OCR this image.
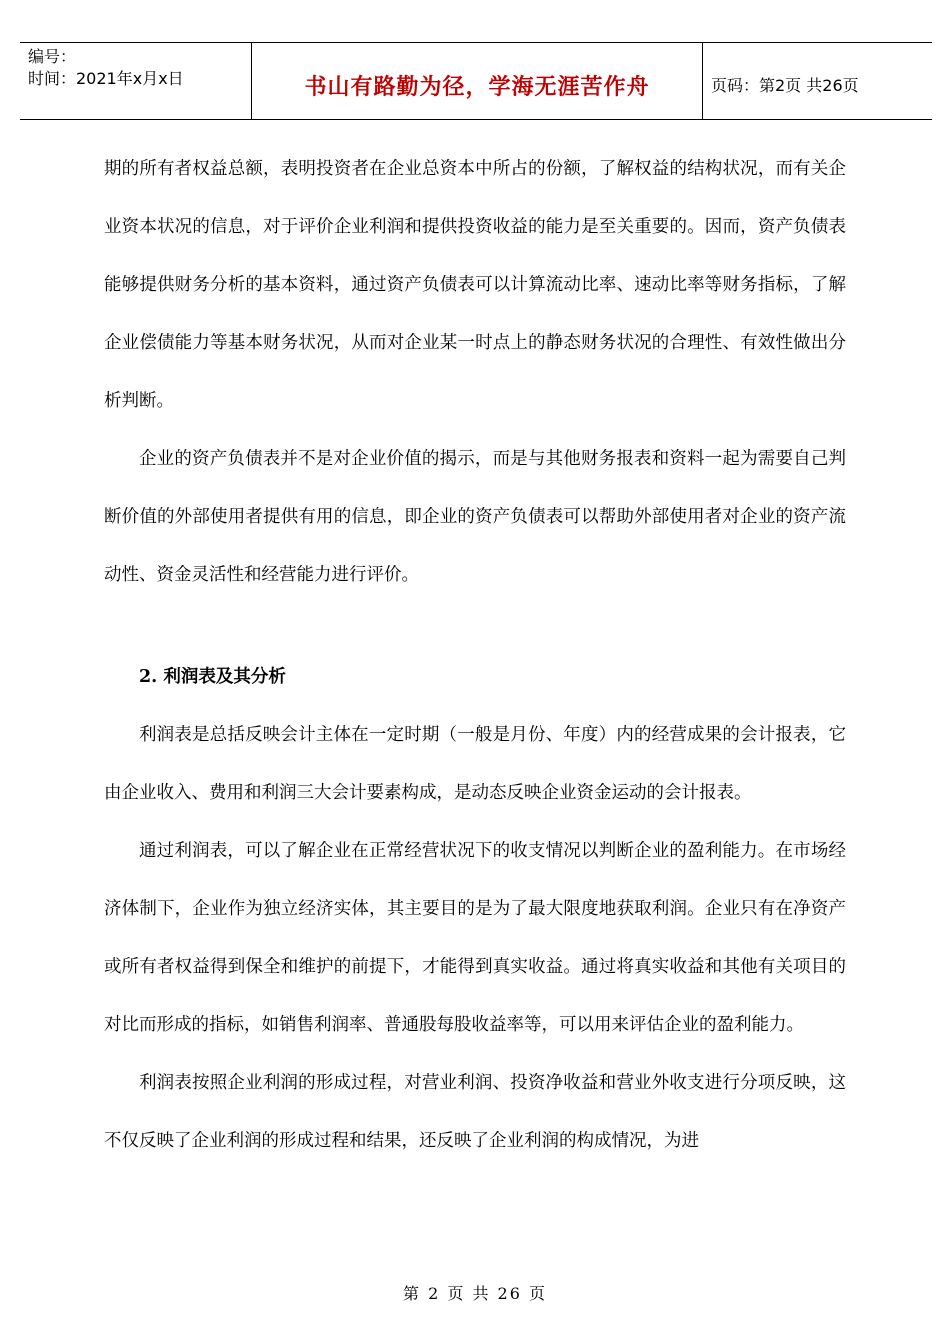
编号：
时间：2021年x月x日	书山有路勤为径，学海无涯苦作舟	页码：第2页 共26页

期的所有者权益总额，表明投资者在企业总资本中所占的份额，了解权益的结构状况，而有关企业资本状况的信息，对于评价企业利润和提供投资收益的能力是至关重要的。因而，资产负债表能够提供财务分析的基本资料，通过资产负债表可以计算流动比率、速动比率等财务指标，了解企业偿债能力等基本财务状况，从而对企业某一时点上的静态财务状况的合理性、有效性做出分析判断。

企业的资产负债表并不是对企业价值的揭示，而是与其他财务报表和资料一起为需要自己判断价值的外部使用者提供有用的信息，即企业的资产负债表可以帮助外部使用者对企业的资产流动性、资金灵活性和经营能力进行评价。

2. 利润表及其分析

利润表是总括反映会计主体在一定时期（一般是月份、年度）内的经营成果的会计报表，它由企业收入、费用和利润三大会计要素构成，是动态反映企业资金运动的会计报表。

通过利润表，可以了解企业在正常经营状况下的收支情况以判断企业的盈利能力。在市场经济体制下，企业作为独立经济实体，其主要目的是为了最大限度地获取利润。企业只有在净资产或所有者权益得到保全和维护的前提下，才能得到真实收益。通过将真实收益和其他有关项目的对比而形成的指标，如销售利润率、普通股每股收益率等，可以用来评估企业的盈利能力。

利润表按照企业利润的形成过程，对营业利润、投资净收益和营业外收支进行分项反映，这不仅反映了企业利润的形成过程和结果，还反映了企业利润的构成情况，为进

第 2 页 共 26 页
